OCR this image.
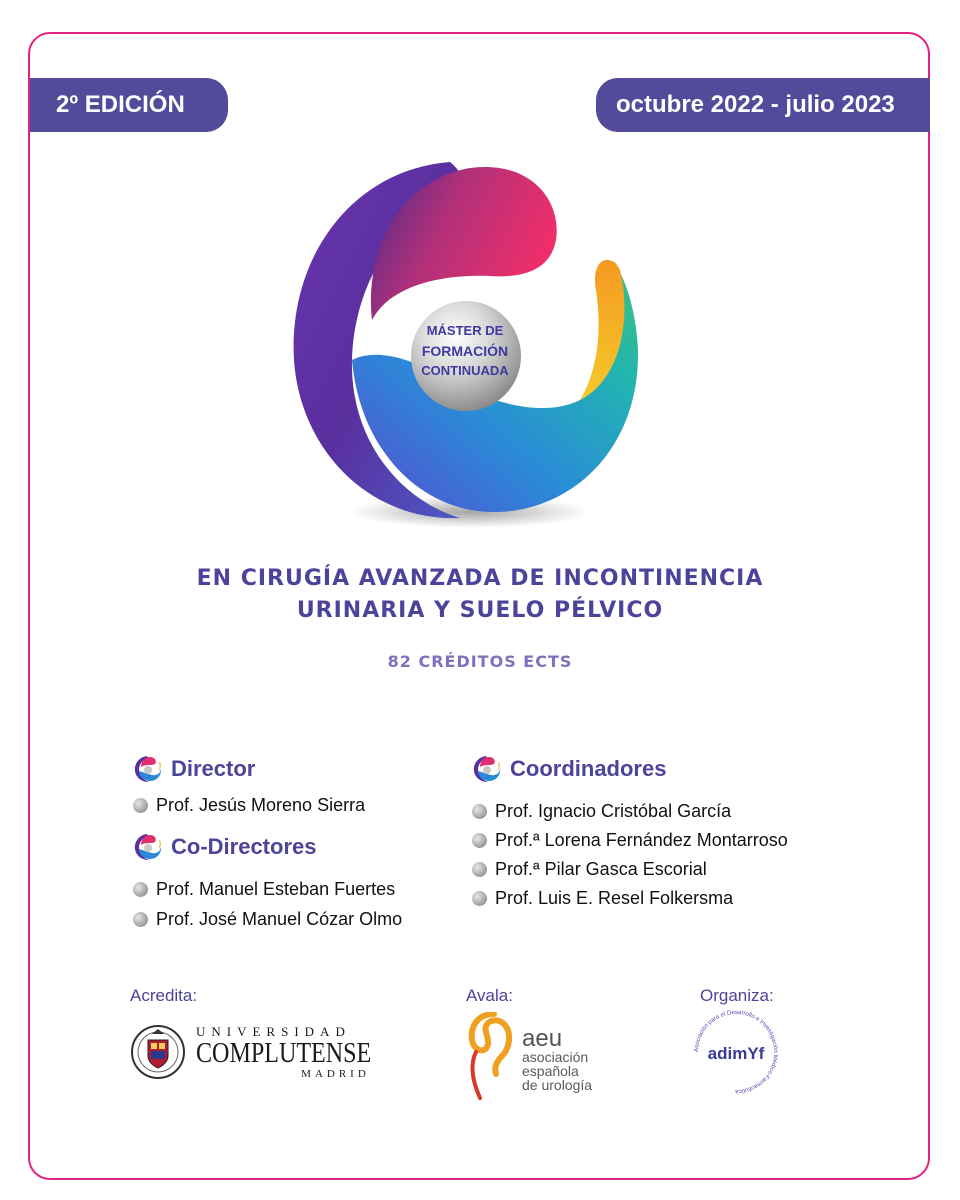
2º EDICIÓN	octubre 2022 - julio 2023
MÁSTER DE
FORMACIÓN
CONTINUADA
EN CIRUGÍA AVANZADA DE INCONTINENCIA
URINARIA Y SUELO PÉLVICO
82 CRÉDITOS ECTS
Director
Prof. Jesús Moreno Sierra
Co-Directores
Prof. Manuel Esteban Fuertes
Prof. José Manuel Cózar Olmo
Coordinadores
Prof. Ignacio Cristóbal García
Prof.ª Lorena Fernández Montarroso
Prof.ª Pilar Gasca Escorial
Prof. Luis E. Resel Folkersma
Acredita:	Avala:	Organiza:
UNIVERSIDAD
COMPLUTENSE
MADRID
aeu
asociación
española
de urología
Asociación para el Desarrollo e Investigación Médico-Farmacéutica
adimYf
